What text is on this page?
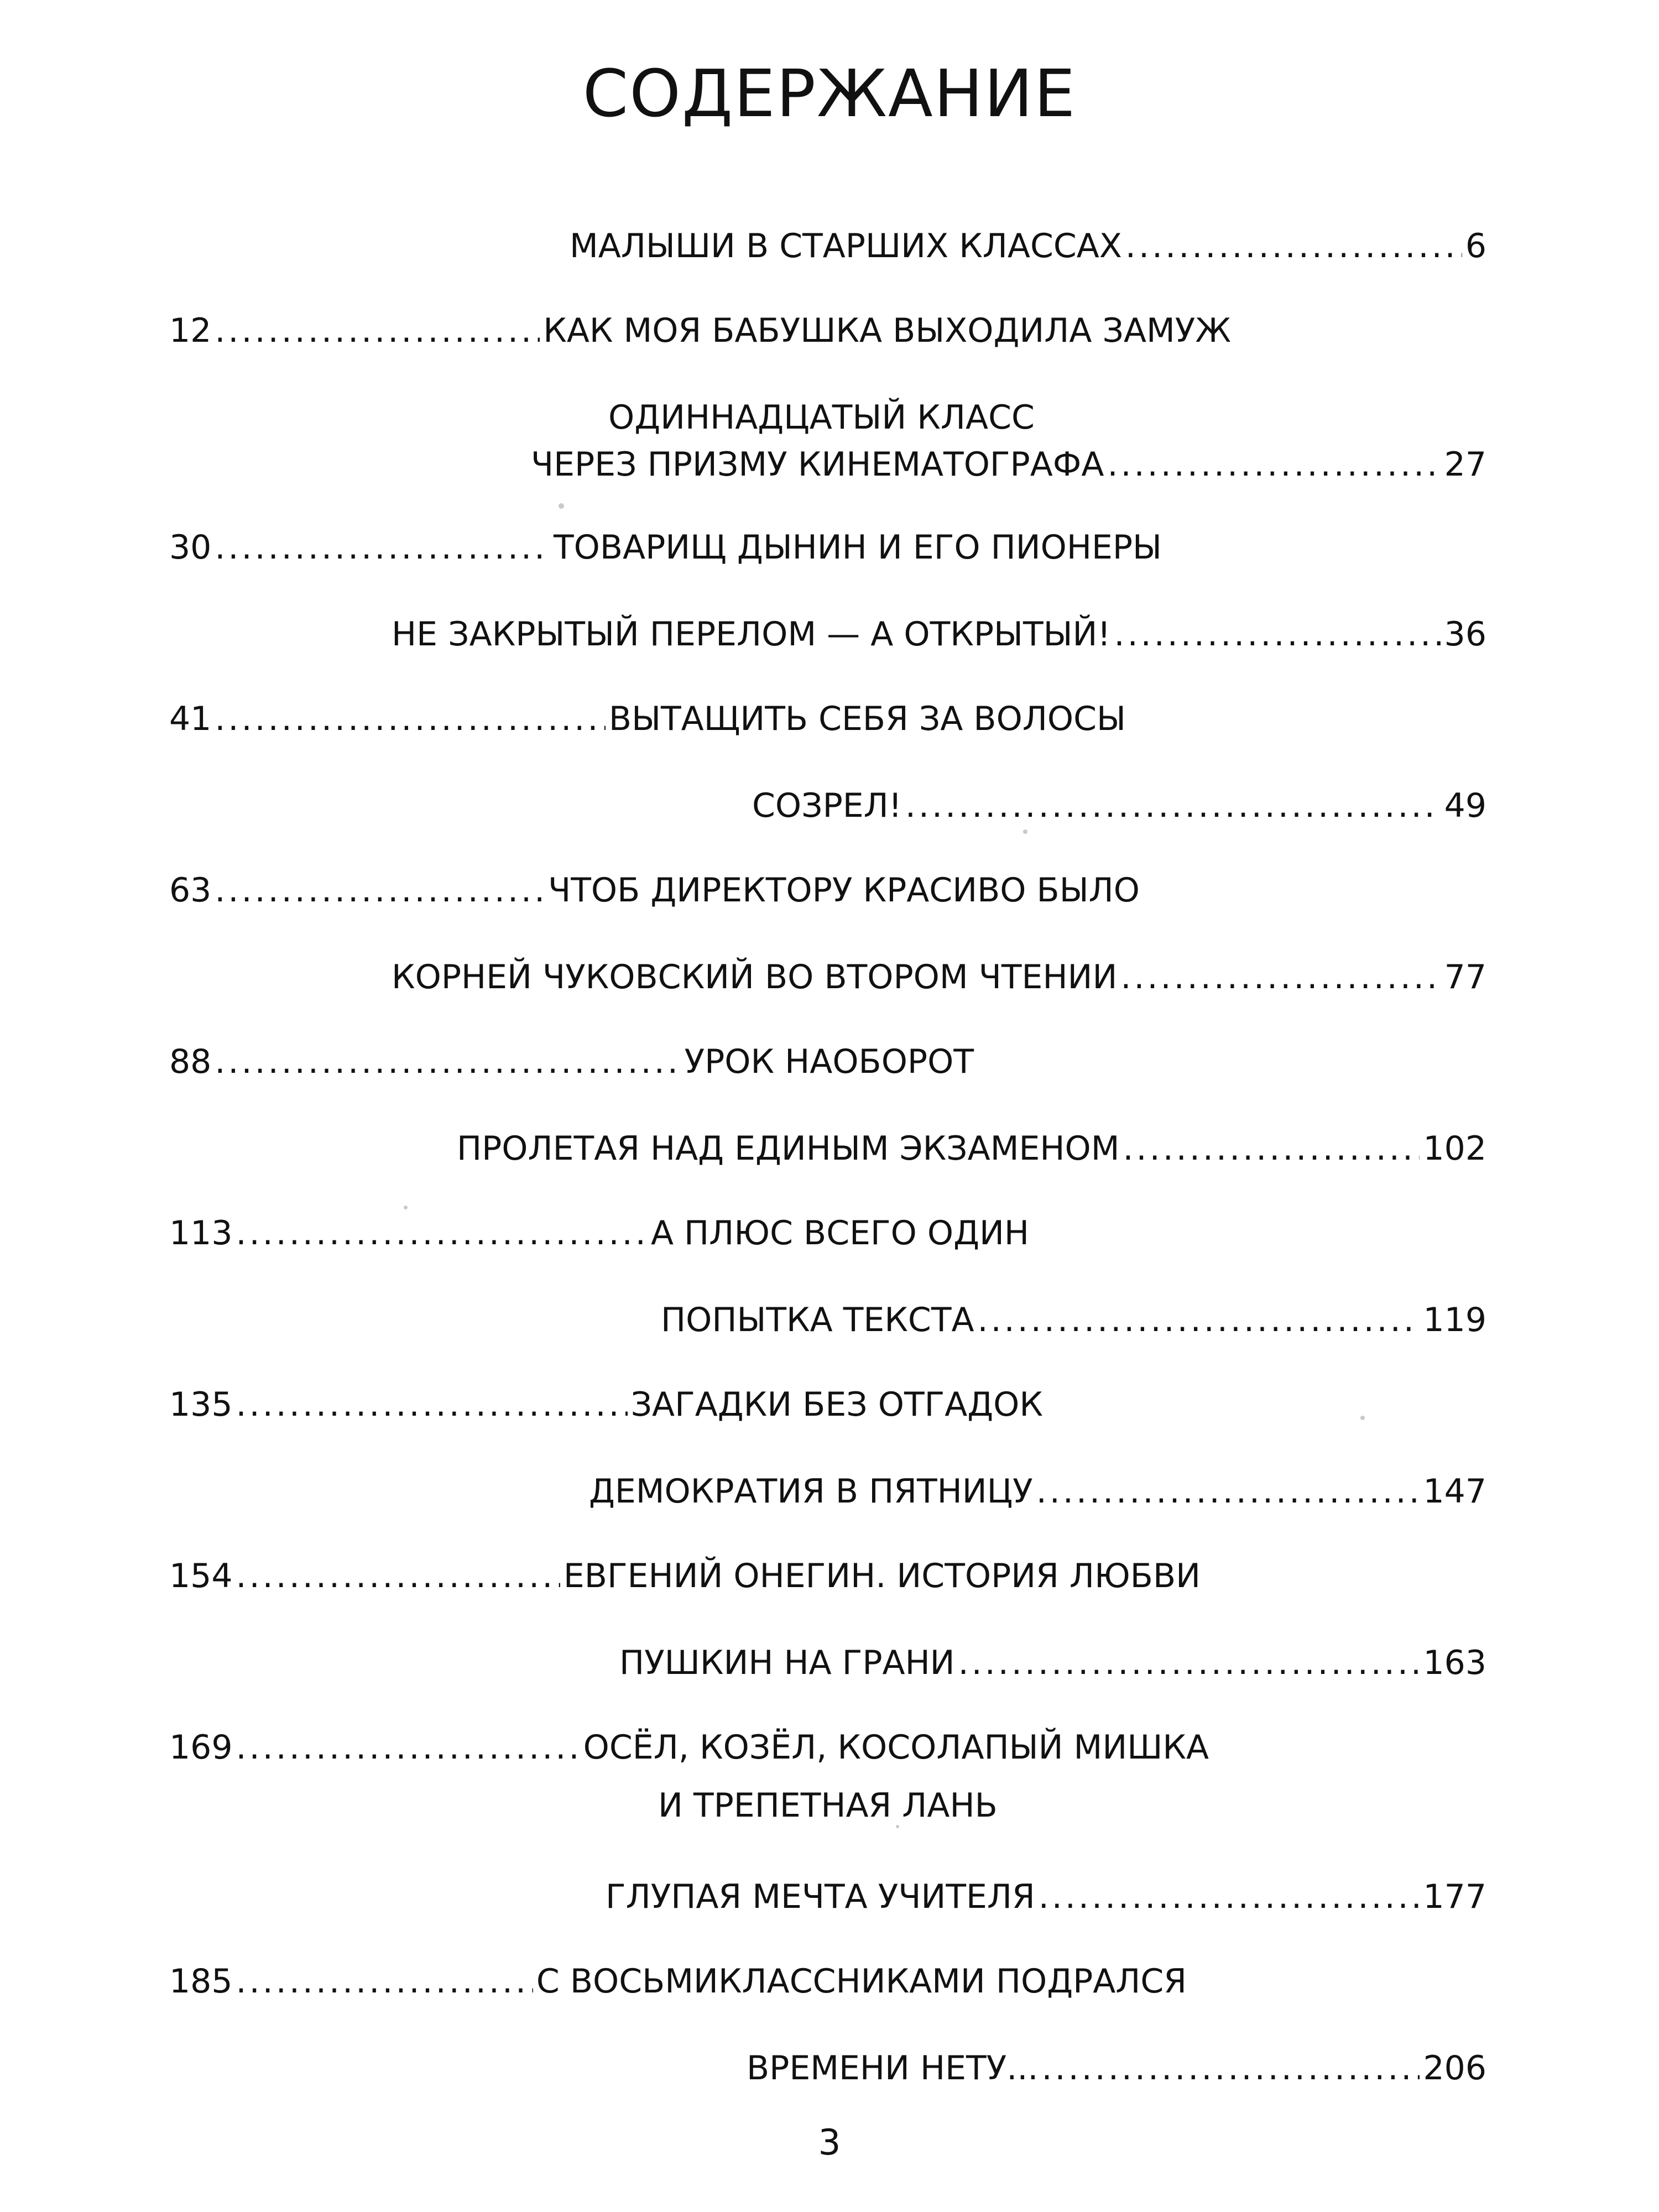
СОДЕРЖАНИЕ
МАЛЫШИ В СТАРШИХ КЛАССАХ .....	6
12 .....	КАК МОЯ БАБУШКА ВЫХОДИЛА ЗАМУЖ
ОДИННАДЦАТЫЙ КЛАСС
ЧЕРЕЗ ПРИЗМУ КИНЕМАТОГРАФА .....	27
30 .....	ТОВАРИЩ ДЫНИН И ЕГО ПИОНЕРЫ
НЕ ЗАКРЫТЫЙ ПЕРЕЛОМ — А ОТКРЫТЫЙ! .....	36
41 .....	ВЫТАЩИТЬ СЕБЯ ЗА ВОЛОСЫ
СОЗРЕЛ! .....	49
63 .....	ЧТОБ ДИРЕКТОРУ КРАСИВО БЫЛО
КОРНЕЙ ЧУКОВСКИЙ ВО ВТОРОМ ЧТЕНИИ .....	77
88 .....	УРОК НАОБОРОТ
ПРОЛЕТАЯ НАД ЕДИНЫМ ЭКЗАМЕНОМ .....	102
113 .....	А ПЛЮС ВСЕГО ОДИН
ПОПЫТКА ТЕКСТА .....	119
135 .....	ЗАГАДКИ БЕЗ ОТГАДОК
ДЕМОКРАТИЯ В ПЯТНИЦУ .....	147
154 .....	ЕВГЕНИЙ ОНЕГИН. ИСТОРИЯ ЛЮБВИ
ПУШКИН НА ГРАНИ .....	163
169 .....	ОСЁЛ, КОЗЁЛ, КОСОЛАПЫЙ МИШКА
И ТРЕПЕТНАЯ ЛАНЬ
ГЛУПАЯ МЕЧТА УЧИТЕЛЯ .....	177
185 .....	С ВОСЬМИКЛАССНИКАМИ ПОДРАЛСЯ
ВРЕМЕНИ НЕТУ... .....	206
3
